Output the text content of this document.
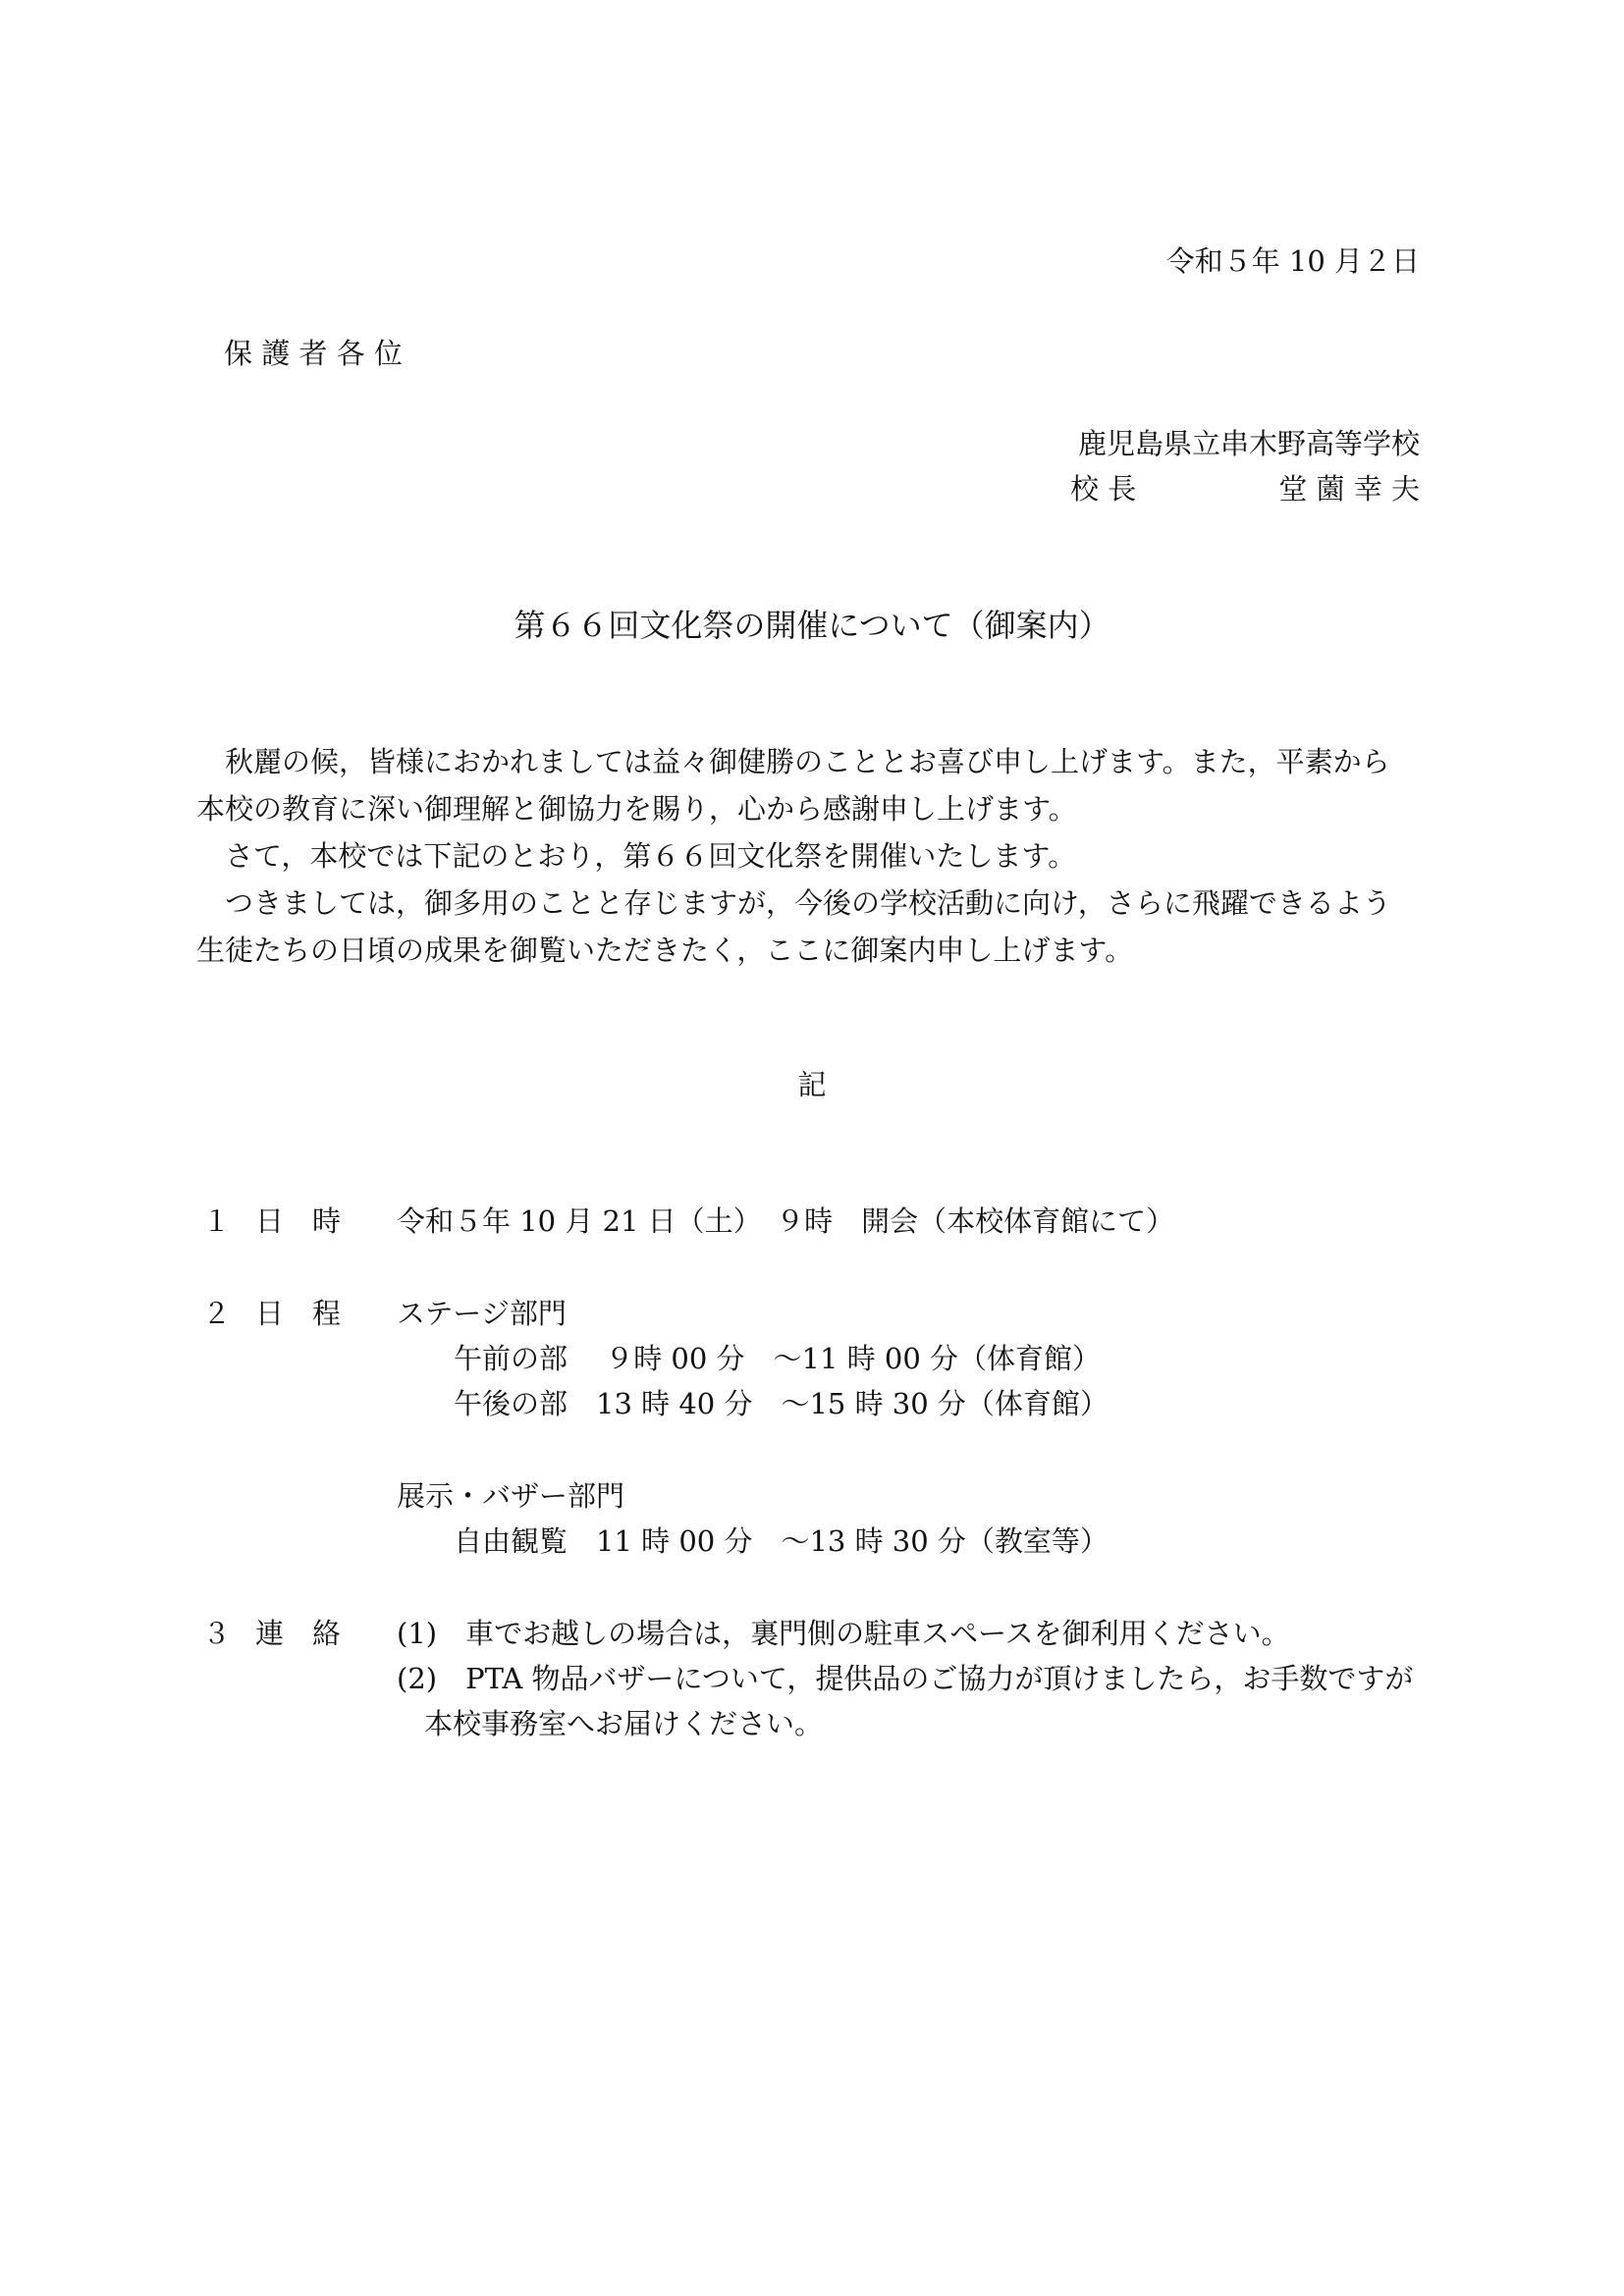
令和５年 10 月２日
保 護 者 各 位
鹿児島県立串木野高等学校
校 長	堂 薗 幸 夫
第６６回文化祭の開催について（御案内）
　秋麗の候，皆様におかれましては益々御健勝のこととお喜び申し上げます。また，平素から
本校の教育に深い御理解と御協力を賜り，心から感謝申し上げます。
　さて，本校では下記のとおり，第６６回文化祭を開催いたします。
　つきましては，御多用のことと存じますが，今後の学校活動に向け，さらに飛躍できるよう
生徒たちの日頃の成果を御覧いただきたく，ここに御案内申し上げます。
記
１ 日　時 令和５年 10 月 21 日（土）　９時　開会（本校体育館にて）
２ 日　程 ステージ部門
午前の部　 ９時 00 分　～11 時 00 分（体育館）
午後の部　13 時 40 分　～15 時 30 分（体育館）
展示・バザー部門
自由観覧　11 時 00 分　～13 時 30 分（教室等）
３ 連　絡 (1)　車でお越しの場合は，裏門側の駐車スペースを御利用ください。
(2)　PTA 物品バザーについて，提供品のご協力が頂けましたら，お手数ですが
本校事務室へお届けください。
